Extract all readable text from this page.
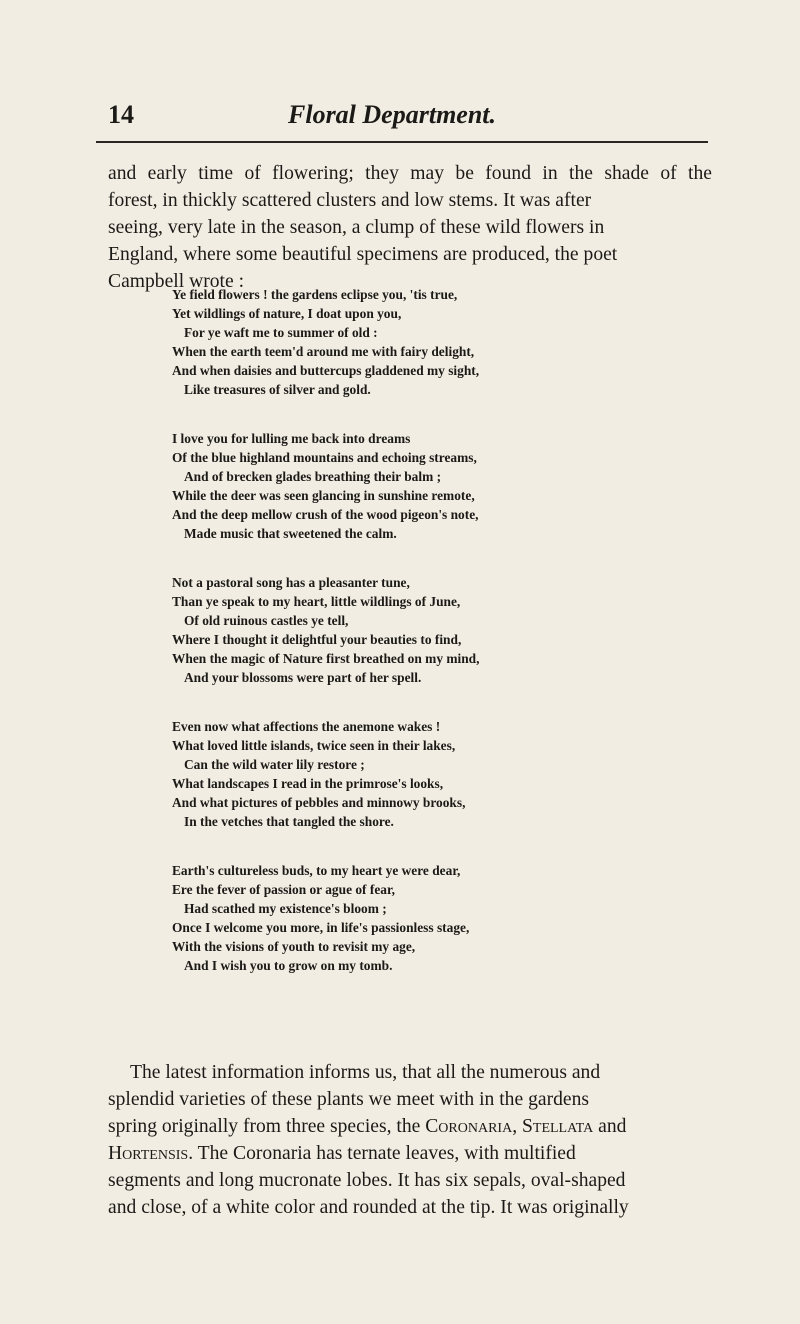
14	Floral Department.

and early time of flowering; they may be found in the shade of the
forest, in thickly scattered clusters and low stems. It was after
seeing, very late in the season, a clump of these wild flowers in
England, where some beautiful specimens are produced, the poet
Campbell wrote :

Ye field flowers ! the gardens eclipse you, 'tis true,
Yet wildlings of nature, I doat upon you,
For ye waft me to summer of old :
When the earth teem'd around me with fairy delight,
And when daisies and buttercups gladdened my sight,
Like treasures of silver and gold.
I love you for lulling me back into dreams
Of the blue highland mountains and echoing streams,
And of brecken glades breathing their balm ;
While the deer was seen glancing in sunshine remote,
And the deep mellow crush of the wood pigeon's note,
Made music that sweetened the calm.
Not a pastoral song has a pleasanter tune,
Than ye speak to my heart, little wildlings of June,
Of old ruinous castles ye tell,
Where I thought it delightful your beauties to find,
When the magic of Nature first breathed on my mind,
And your blossoms were part of her spell.
Even now what affections the anemone wakes !
What loved little islands, twice seen in their lakes,
Can the wild water lily restore ;
What landscapes I read in the primrose's looks,
And what pictures of pebbles and minnowy brooks,
In the vetches that tangled the shore.
Earth's cultureless buds, to my heart ye were dear,
Ere the fever of passion or ague of fear,
Had scathed my existence's bloom ;
Once I welcome you more, in life's passionless stage,
With the visions of youth to revisit my age,
And I wish you to grow on my tomb.

The latest information informs us, that all the numerous and
splendid varieties of these plants we meet with in the gardens
spring originally from three species, the Coronaria, Stellata and
Hortensis. The Coronaria has ternate leaves, with multified
segments and long mucronate lobes. It has six sepals, oval-shaped
and close, of a white color and rounded at the tip. It was originally
